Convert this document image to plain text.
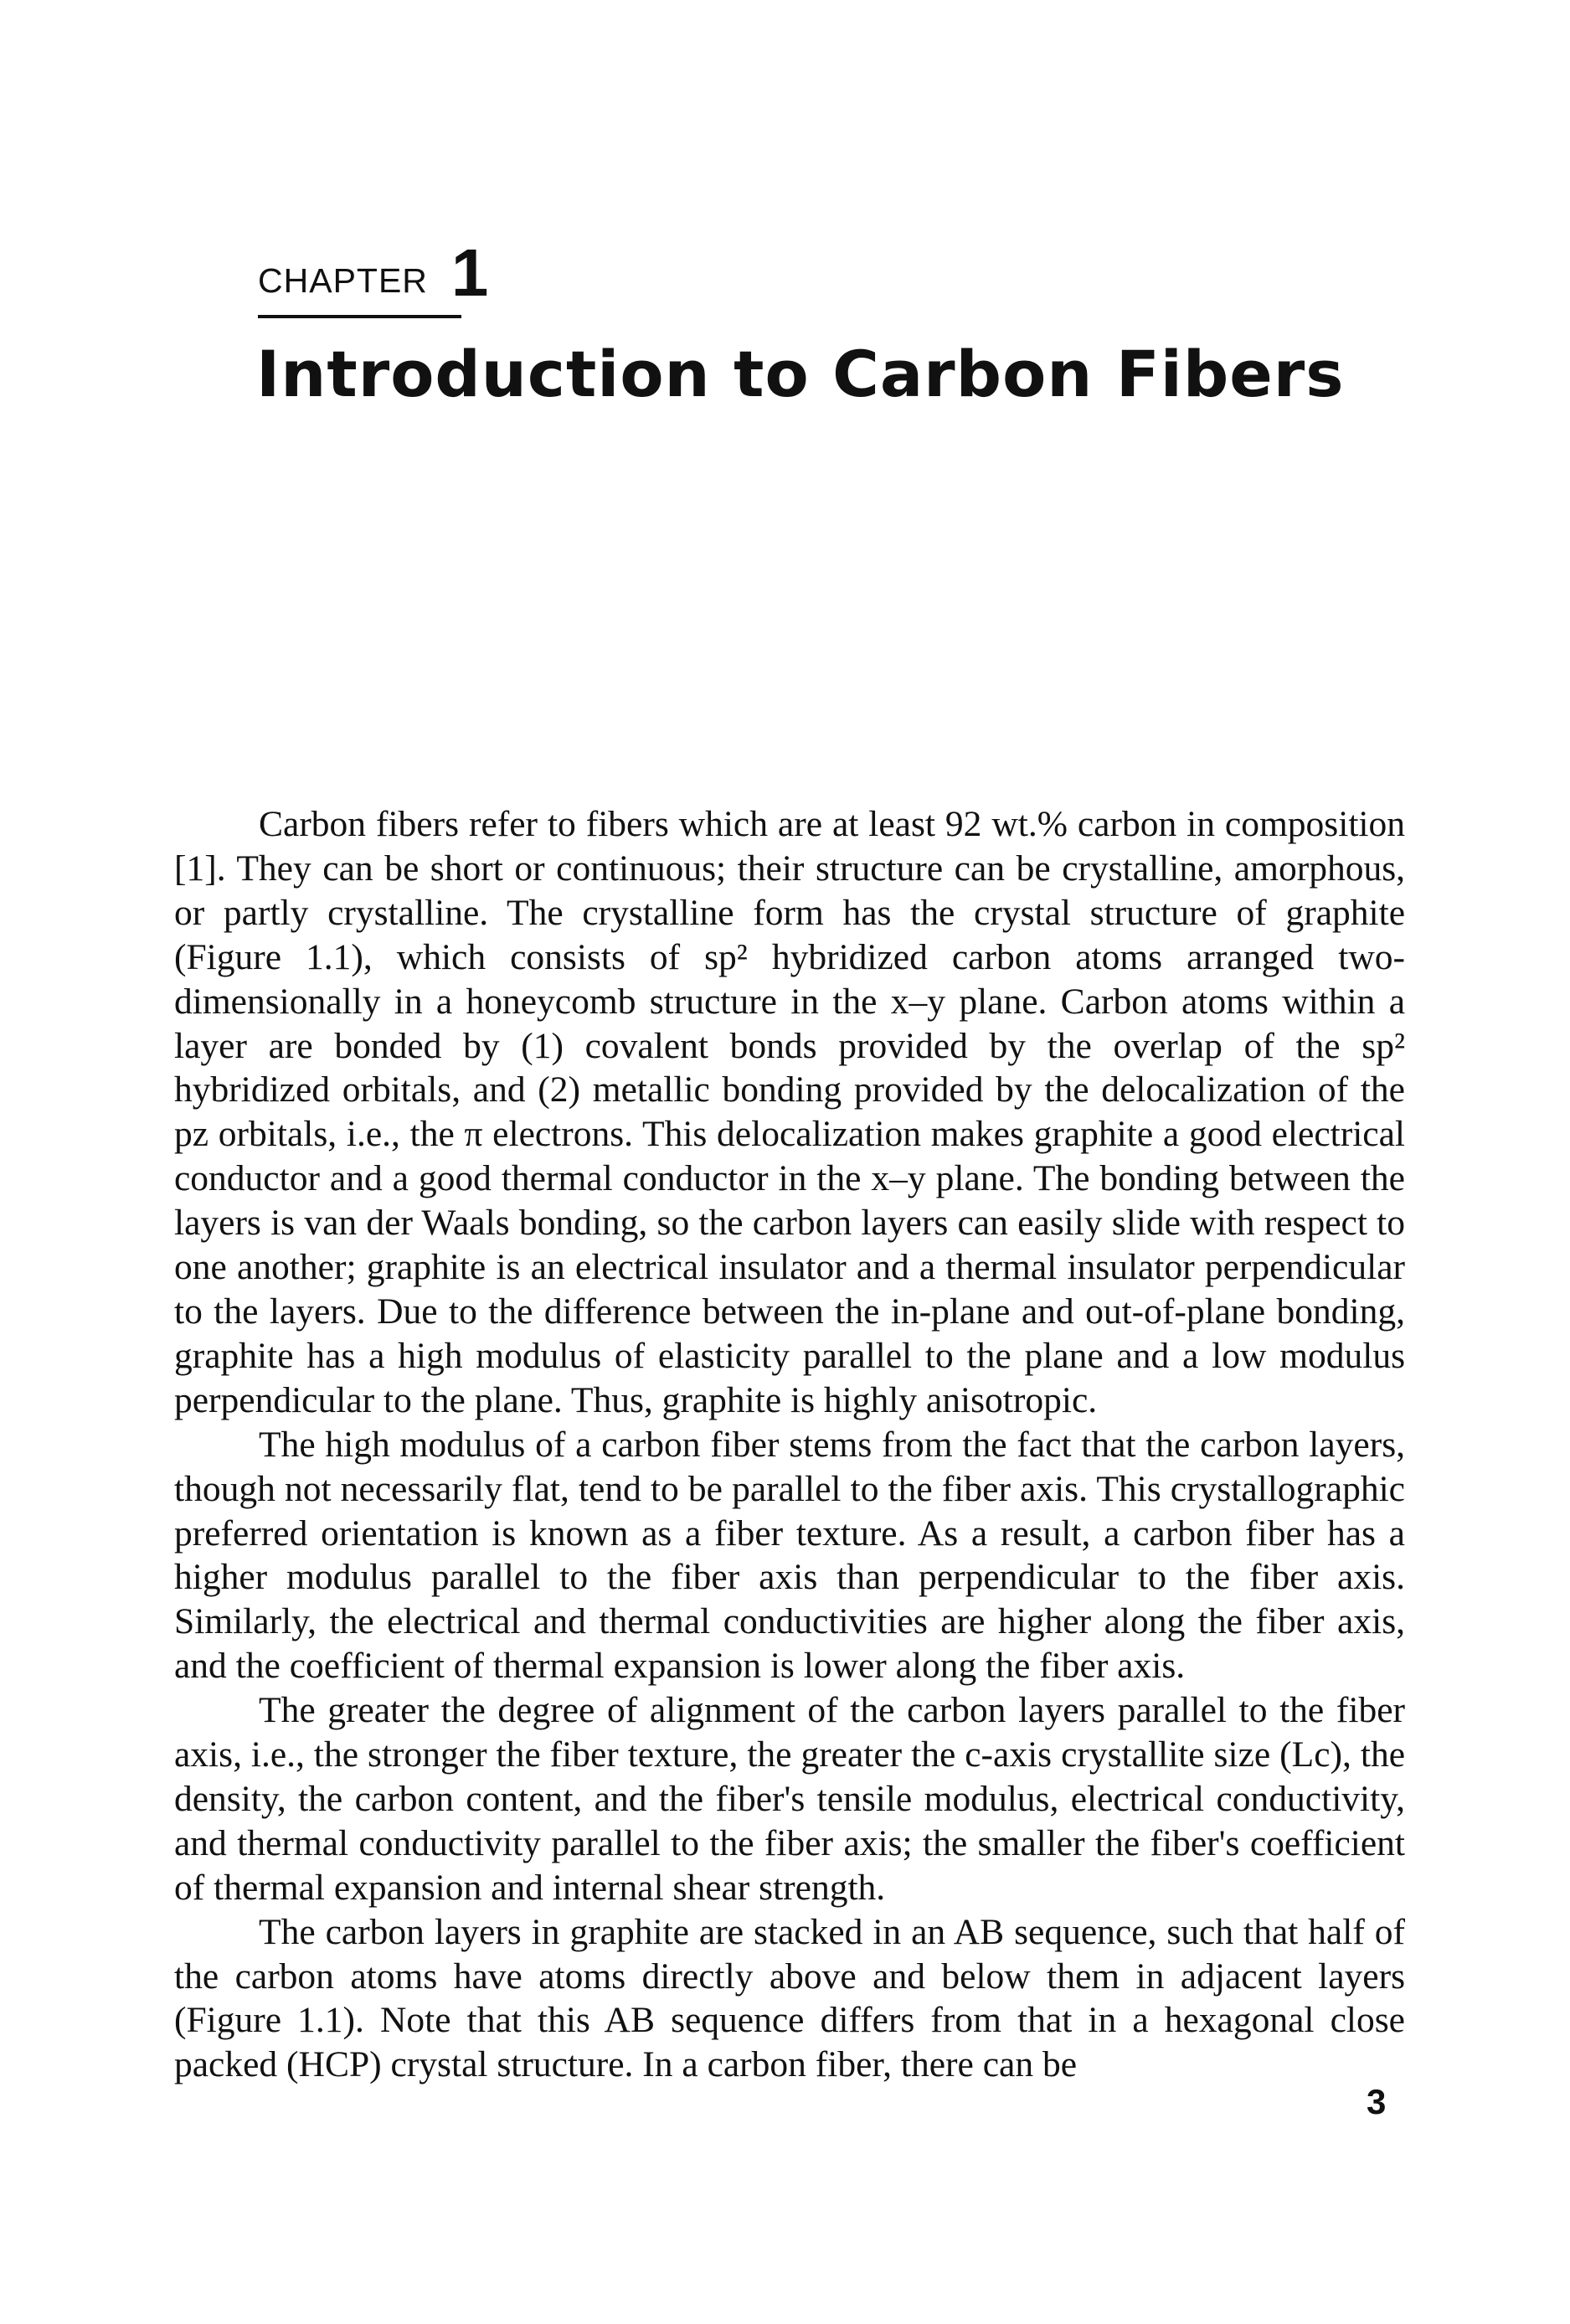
CHAPTER 1
Introduction to Carbon Fibers

Carbon fibers refer to fibers which are at least 92 wt.% carbon in composition [1]. They can be short or continuous; their structure can be crystalline, amorphous, or partly crystalline. The crystalline form has the crystal structure of graphite (Figure 1.1), which consists of sp² hybridized carbon atoms arranged two-dimensionally in a honeycomb structure in the x–y plane. Carbon atoms within a layer are bonded by (1) covalent bonds provided by the overlap of the sp² hybridized orbitals, and (2) metallic bonding provided by the delocalization of the pz orbitals, i.e., the π electrons. This delocalization makes graphite a good electrical conductor and a good thermal conductor in the x–y plane. The bonding between the layers is van der Waals bonding, so the carbon layers can easily slide with respect to one another; graphite is an electrical insulator and a thermal insulator perpendicular to the layers. Due to the difference between the in-plane and out-of-plane bonding, graphite has a high modulus of elasticity parallel to the plane and a low modulus perpendicular to the plane. Thus, graphite is highly anisotropic.

The high modulus of a carbon fiber stems from the fact that the carbon layers, though not necessarily flat, tend to be parallel to the fiber axis. This crystallographic preferred orientation is known as a fiber texture. As a result, a carbon fiber has a higher modulus parallel to the fiber axis than perpendicular to the fiber axis. Similarly, the electrical and thermal conductivities are higher along the fiber axis, and the coefficient of thermal expansion is lower along the fiber axis.

The greater the degree of alignment of the carbon layers parallel to the fiber axis, i.e., the stronger the fiber texture, the greater the c-axis crystallite size (Lc), the density, the carbon content, and the fiber's tensile modulus, electrical conductivity, and thermal conductivity parallel to the fiber axis; the smaller the fiber's coefficient of thermal expansion and internal shear strength.

The carbon layers in graphite are stacked in an AB sequence, such that half of the carbon atoms have atoms directly above and below them in adjacent layers (Figure 1.1). Note that this AB sequence differs from that in a hexagonal close packed (HCP) crystal structure. In a carbon fiber, there can be

3
